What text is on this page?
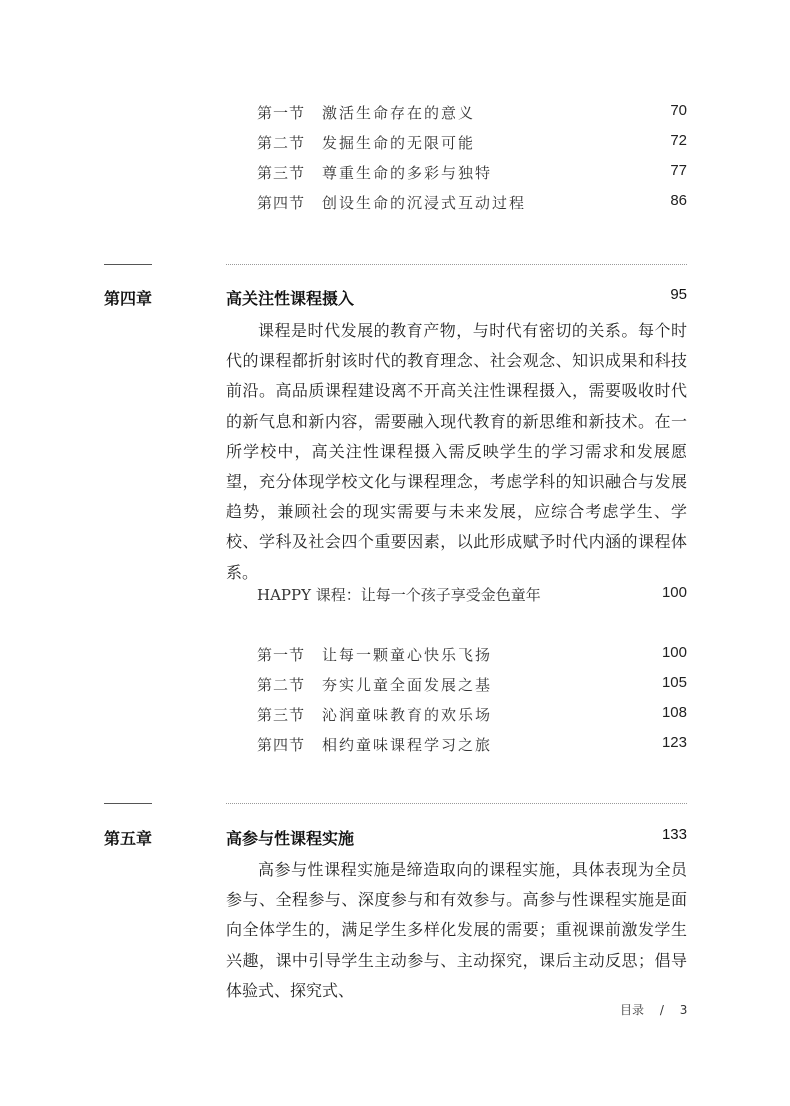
第一节 激活生命存在的意义	70
第二节 发掘生命的无限可能	72
第三节 尊重生命的多彩与独特	77
第四节 创设生命的沉浸式互动过程	86
第四章	高关注性课程摄入	95

课程是时代发展的教育产物，与时代有密切的关系。每个时代的课程都折射该时代的教育理念、社会观念、知识成果和科技前沿。高品质课程建设离不开高关注性课程摄入，需要吸收时代的新气息和新内容，需要融入现代教育的新思维和新技术。在一所学校中，高关注性课程摄入需反映学生的学习需求和发展愿望，充分体现学校文化与课程理念，考虑学科的知识融合与发展趋势，兼顾社会的现实需要与未来发展，应综合考虑学生、学校、学科及社会四个重要因素，以此形成赋予时代内涵的课程体系。

HAPPY 课程：让每一个孩子享受金色童年	100
第一节 让每一颗童心快乐飞扬	100
第二节 夯实儿童全面发展之基	105
第三节 沁润童味教育的欢乐场	108
第四节 相约童味课程学习之旅	123
第五章	高参与性课程实施	133

高参与性课程实施是缔造取向的课程实施，具体表现为全员参与、全程参与、深度参与和有效参与。高参与性课程实施是面向全体学生的，满足学生多样化发展的需要；重视课前激发学生兴趣，课中引导学生主动参与、主动探究，课后主动反思；倡导体验式、探究式、

目录 / 3
